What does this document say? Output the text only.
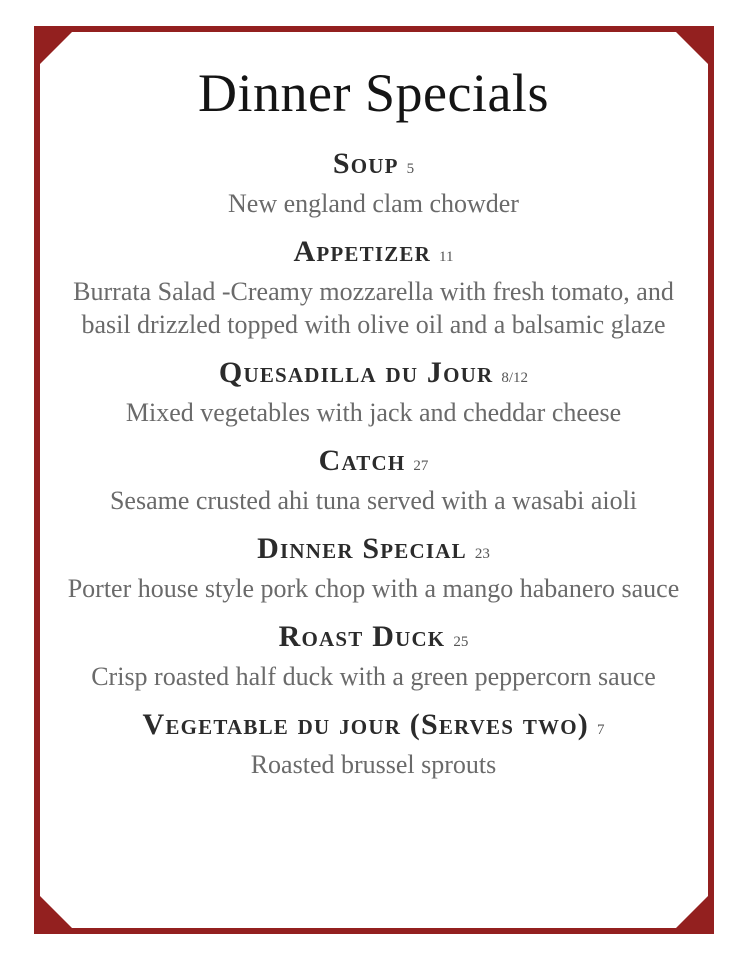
Dinner Specials
Soup 5
New england clam chowder
Appetizer 11
Burrata Salad -Creamy mozzarella with fresh tomato, and basil drizzled topped with olive oil and a balsamic glaze
Quesadilla du Jour 8/12
Mixed vegetables with jack and cheddar cheese
Catch 27
Sesame crusted ahi tuna served with a wasabi aioli
Dinner Special 23
Porter house style pork chop with a mango habanero sauce
Roast Duck 25
Crisp roasted half duck with a green peppercorn sauce
Vegetable du jour (Serves two) 7
Roasted brussel sprouts
